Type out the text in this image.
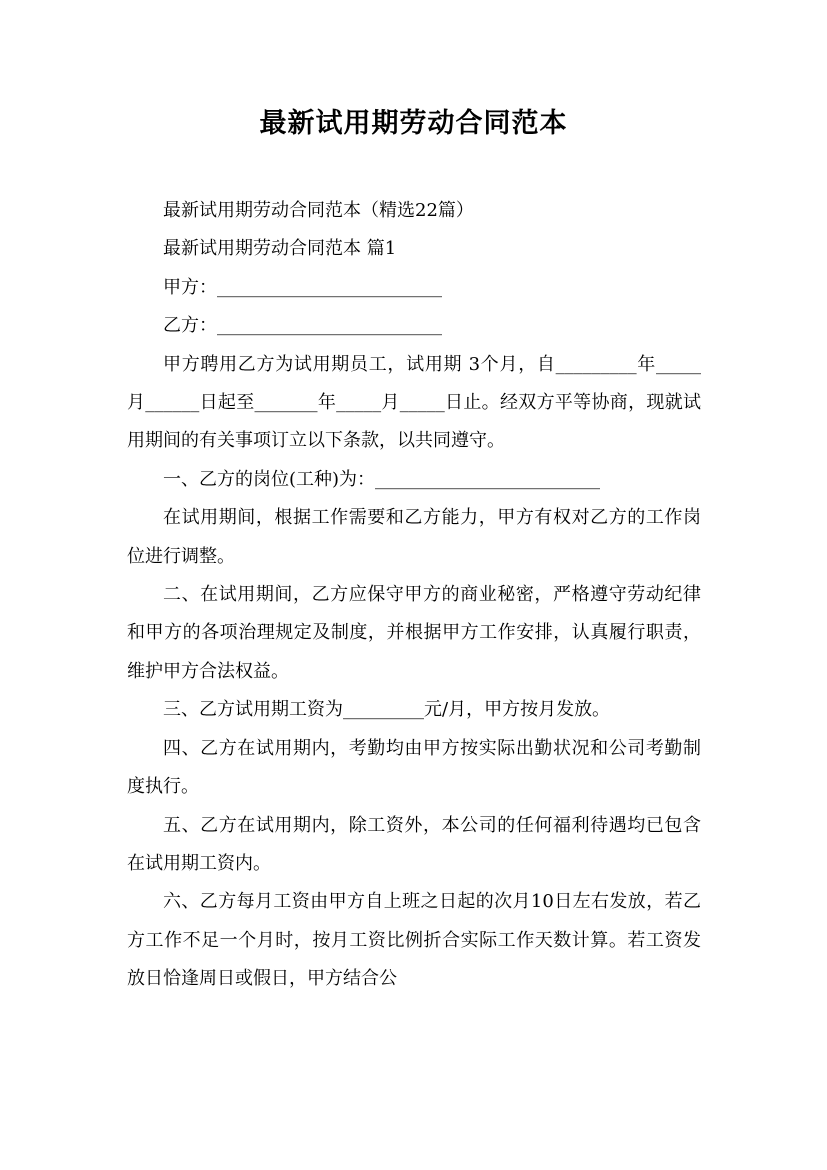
最新试用期劳动合同范本

最新试用期劳动合同范本（精选22篇）

最新试用期劳动合同范本 篇1

甲方：_________________________

乙方：_________________________

甲方聘用乙方为试用期员工，试用期 3个月，自_________年_____月______日起至_______年_____月_____日止。经双方平等协商，现就试用期间的有关事项订立以下条款，以共同遵守。

一、乙方的岗位(工种)为：_________________________

在试用期间，根据工作需要和乙方能力，甲方有权对乙方的工作岗位进行调整。

二、在试用期间，乙方应保守甲方的商业秘密，严格遵守劳动纪律和甲方的各项治理规定及制度，并根据甲方工作安排，认真履行职责，维护甲方合法权益。

三、乙方试用期工资为_________元/月，甲方按月发放。

四、乙方在试用期内，考勤均由甲方按实际出勤状况和公司考勤制度执行。

五、乙方在试用期内，除工资外，本公司的任何福利待遇均已包含在试用期工资内。

六、乙方每月工资由甲方自上班之日起的次月10日左右发放，若乙方工作不足一个月时，按月工资比例折合实际工作天数计算。若工资发放日恰逢周日或假日，甲方结合公
